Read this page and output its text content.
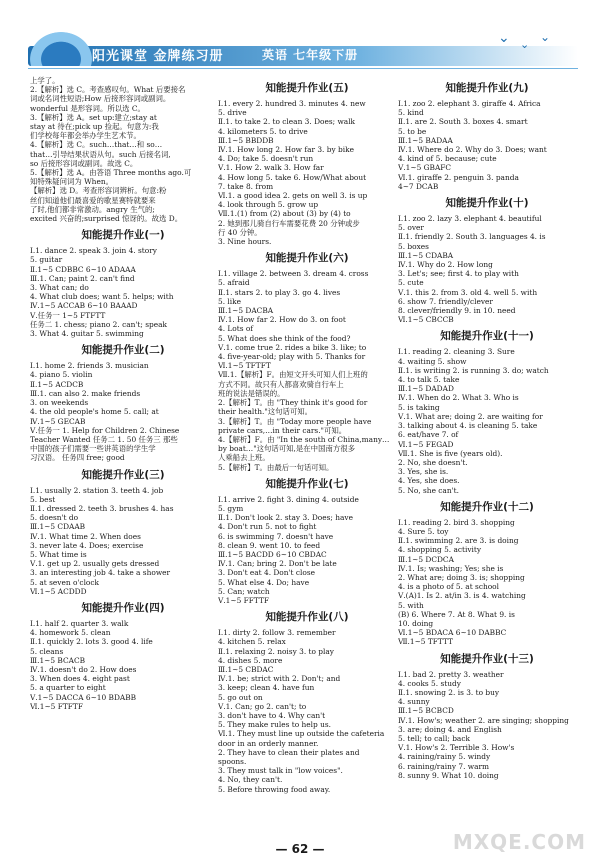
阳光课堂 金牌练习册	英语 七年级下册
⌄ ⌄
⌄
上学了。
2.【解析】选 C。考查感叹句。What 后要接名
词或名词性短语;How 后接形容词或副词。
wonderful 是形容词。所以选 C。
3.【解析】选 A。set up:建立;stay at
stay at 待在;pick up 捡起。句意为:我
们学校每年都会举办学生艺术节。
4.【解析】选 C。such…that…和 so…
that…引导结果状语从句。such 后接名词,
so 后接形容词或副词。故选 C。
5.【解析】选 A。由答语 Three months ago.可
知特殊疑问词为 When。
【解析】选 D。考查形容词辨析。句意:粉
丝们知道他们最喜爱的歌星赛特就要来
了时,他们都非常激动。angry 生气的;
excited 兴奋的;surprised 惊讶的。故选 D。
知能提升作业(一)
Ⅰ.1. dance 2. speak 3. join 4. story
5. guitar
Ⅱ.1~5 CDBBC 6~10 ADAAA
Ⅲ.1. Can; paint 2. can't find
3. What can; do
4. What club does; want 5. helps; with
Ⅳ.1~5 ACCAB 6~10 BAAAD
Ⅴ.任务一 1~5 FTFTT
任务二 1. chess; piano 2. can't; speak
3. What 4. guitar 5. swimming
知能提升作业(二)
Ⅰ.1. home 2. friends 3. musician
4. piano 5. violin
Ⅱ.1~5 ACDCB
Ⅲ.1. can also 2. make friends
3. on weekends
4. the old people's home 5. call; at
Ⅳ.1~5 GECAB
Ⅴ.任务一 1. Help for Children 2. Chinese
Teacher Wanted 任务二 1. 50 任务三 那些
中国的孩子们需要一些讲英语的学生学
习汉语。 任务四 free; good
知能提升作业(三)
Ⅰ.1. usually 2. station 3. teeth 4. job
5. best
Ⅱ.1. dressed 2. teeth 3. brushes 4. has
5. doesn't do
Ⅲ.1~5 CDAAB
Ⅳ.1. What time 2. When does
3. never late 4. Does; exercise
5. What time is
Ⅴ.1. get up 2. usually gets dressed
3. an interesting job 4. take a shower
5. at seven o'clock
Ⅵ.1~5 ACDDD
知能提升作业(四)
Ⅰ.1. half 2. quarter 3. walk
4. homework 5. clean
Ⅱ.1. quickly 2. lots 3. good 4. life
5. cleans
Ⅲ.1~5 BCACB
Ⅳ.1. doesn't do 2. How does
3. When does 4. eight past
5. a quarter to eight
Ⅴ.1~5 DACCA 6~10 BDABB
Ⅵ.1~5 FTFTF
知能提升作业(五)
Ⅰ.1. every 2. hundred 3. minutes 4. new
5. drive
Ⅱ.1. to take 2. to clean 3. Does; walk
4. kilometers 5. to drive
Ⅲ.1~5 BBDDB
Ⅳ.1. How long 2. How far 3. by bike
4. Do; take 5. doesn't run
Ⅴ.1. How 2. walk 3. How far
4. How long 5. take 6. How/What about
7. take 8. from
Ⅵ.1. a good idea 2. gets on well 3. is up
4. look through 5. grow up
Ⅶ.1.(1) from (2) about (3) by (4) to
2. 她到那儿骑自行车需要花费 20 分钟或步
行 40 分钟。
3. Nine hours.
知能提升作业(六)
Ⅰ.1. village 2. between 3. dream 4. cross
5. afraid
Ⅱ.1. stars 2. to play 3. go 4. lives
5. like
Ⅲ.1~5 DACBA
Ⅳ.1. How far 2. How do 3. on foot
4. Lots of
5. What does she think of the food?
Ⅴ.1. come true 2. rides a bike 3. like; to
4. five-year-old; play with 5. Thanks for
Ⅵ.1~5 TFTFT
Ⅶ.1.【解析】F。由短文开头可知人们上班的
方式不同。故只有人都喜欢骑自行车上
班的说法是错误的。
2.【解析】T。由 "They think it's good for
their health."这句话可知。
3.【解析】T。由 "Today more people have
private cars,…in their cars."可知。
4.【解析】F。由 "In the south of China,many…
by boat…"这句话可知,是在中国南方很多
人乘船去上班。
5.【解析】T。由最后一句话可知。
知能提升作业(七)
Ⅰ.1. arrive 2. fight 3. dining 4. outside
5. gym
Ⅱ.1. Don't look 2. stay 3. Does; have
4. Don't run 5. not to fight
6. is swimming 7. doesn't have
8. clean 9. went 10. to feed
Ⅲ.1~5 BACDD 6~10 CBDAC
Ⅳ.1. Can; bring 2. Don't be late
3. Don't eat 4. Don't close
5. What else 4. Do; have
5. Can; watch
Ⅴ.1~5 FFTTF
知能提升作业(八)
Ⅰ.1. dirty 2. follow 3. remember
4. kitchen 5. relax
Ⅱ.1. relaxing 2. noisy 3. to play
4. dishes 5. more
Ⅲ.1~5 CBDAC
Ⅳ.1. be; strict with 2. Don't; and
3. keep; clean 4. have fun
5. go out on
Ⅴ.1. Can; go 2. can't; to
3. don't have to 4. Why can't
5. They make rules to help us.
Ⅵ.1. They must line up outside the cafeteria
door in an orderly manner.
2. They have to clean their plates and
spoons.
3. They must talk in "low voices".
4. No, they can't.
5. Before throwing food away.
知能提升作业(九)
Ⅰ.1. zoo 2. elephant 3. giraffe 4. Africa
5. kind
Ⅱ.1. are 2. South 3. boxes 4. smart
5. to be
Ⅲ.1~5 BADAA
Ⅳ.1. Where do 2. Why do 3. Does; want
4. kind of 5. because; cute
Ⅴ.1~5 GBAFC
Ⅵ.1. giraffe 2. penguin 3. panda
4~7 DCAB
知能提升作业(十)
Ⅰ.1. zoo 2. lazy 3. elephant 4. beautiful
5. over
Ⅱ.1. friendly 2. South 3. languages 4. is
5. boxes
Ⅲ.1~5 CDABA
Ⅳ.1. Why do 2. How long
3. Let's; see; first 4. to play with
5. cute
Ⅴ.1. this 2. from 3. old 4. well 5. with
6. show 7. friendly/clever
8. clever/friendly 9. in 10. need
Ⅵ.1~5 CBCCB
知能提升作业(十一)
Ⅰ.1. reading 2. cleaning 3. Sure
4. waiting 5. show
Ⅱ.1. is writing 2. is running 3. do; watch
4. to talk 5. take
Ⅲ.1~5 DADAD
Ⅳ.1. When do 2. What 3. Who is
5. is taking
Ⅴ.1. What are; doing 2. are waiting for
3. talking about 4. is cleaning 5. take
6. eat/have 7. of
Ⅵ.1~5 FEGAD
Ⅶ.1. She is five (years old).
2. No, she doesn't.
3. Yes, she is.
4. Yes, she does.
5. No, she can't.
知能提升作业(十二)
Ⅰ.1. reading 2. bird 3. shopping
4. Sure 5. toy
Ⅱ.1. swimming 2. are 3. is doing
4. shopping 5. activity
Ⅲ.1~5 DCDCA
Ⅳ.1. Is; washing; Yes; she is
2. What are; doing 3. is; shopping
4. is a photo of 5. at school
Ⅴ.(A)1. Is 2. at/in 3. is 4. watching
5. with
(B) 6. Where 7. At 8. What 9. is
10. doing
Ⅵ.1~5 BDACA 6~10 DABBC
Ⅶ.1~5 TFTTT
知能提升作业(十三)
Ⅰ.1. bad 2. pretty 3. weather
4. cooks 5. study
Ⅱ.1. snowing 2. is 3. to buy
4. sunny
Ⅲ.1~5 BCBCD
Ⅳ.1. How's; weather 2. are singing; shopping
3. are; doing 4. and English
5. tell; to call; back
Ⅴ.1. How's 2. Terrible 3. How's
4. raining/rainy 5. windy
6. raining/rainy 7. warm
8. sunny 9. What 10. doing
— 62 —	MXQE.COM
